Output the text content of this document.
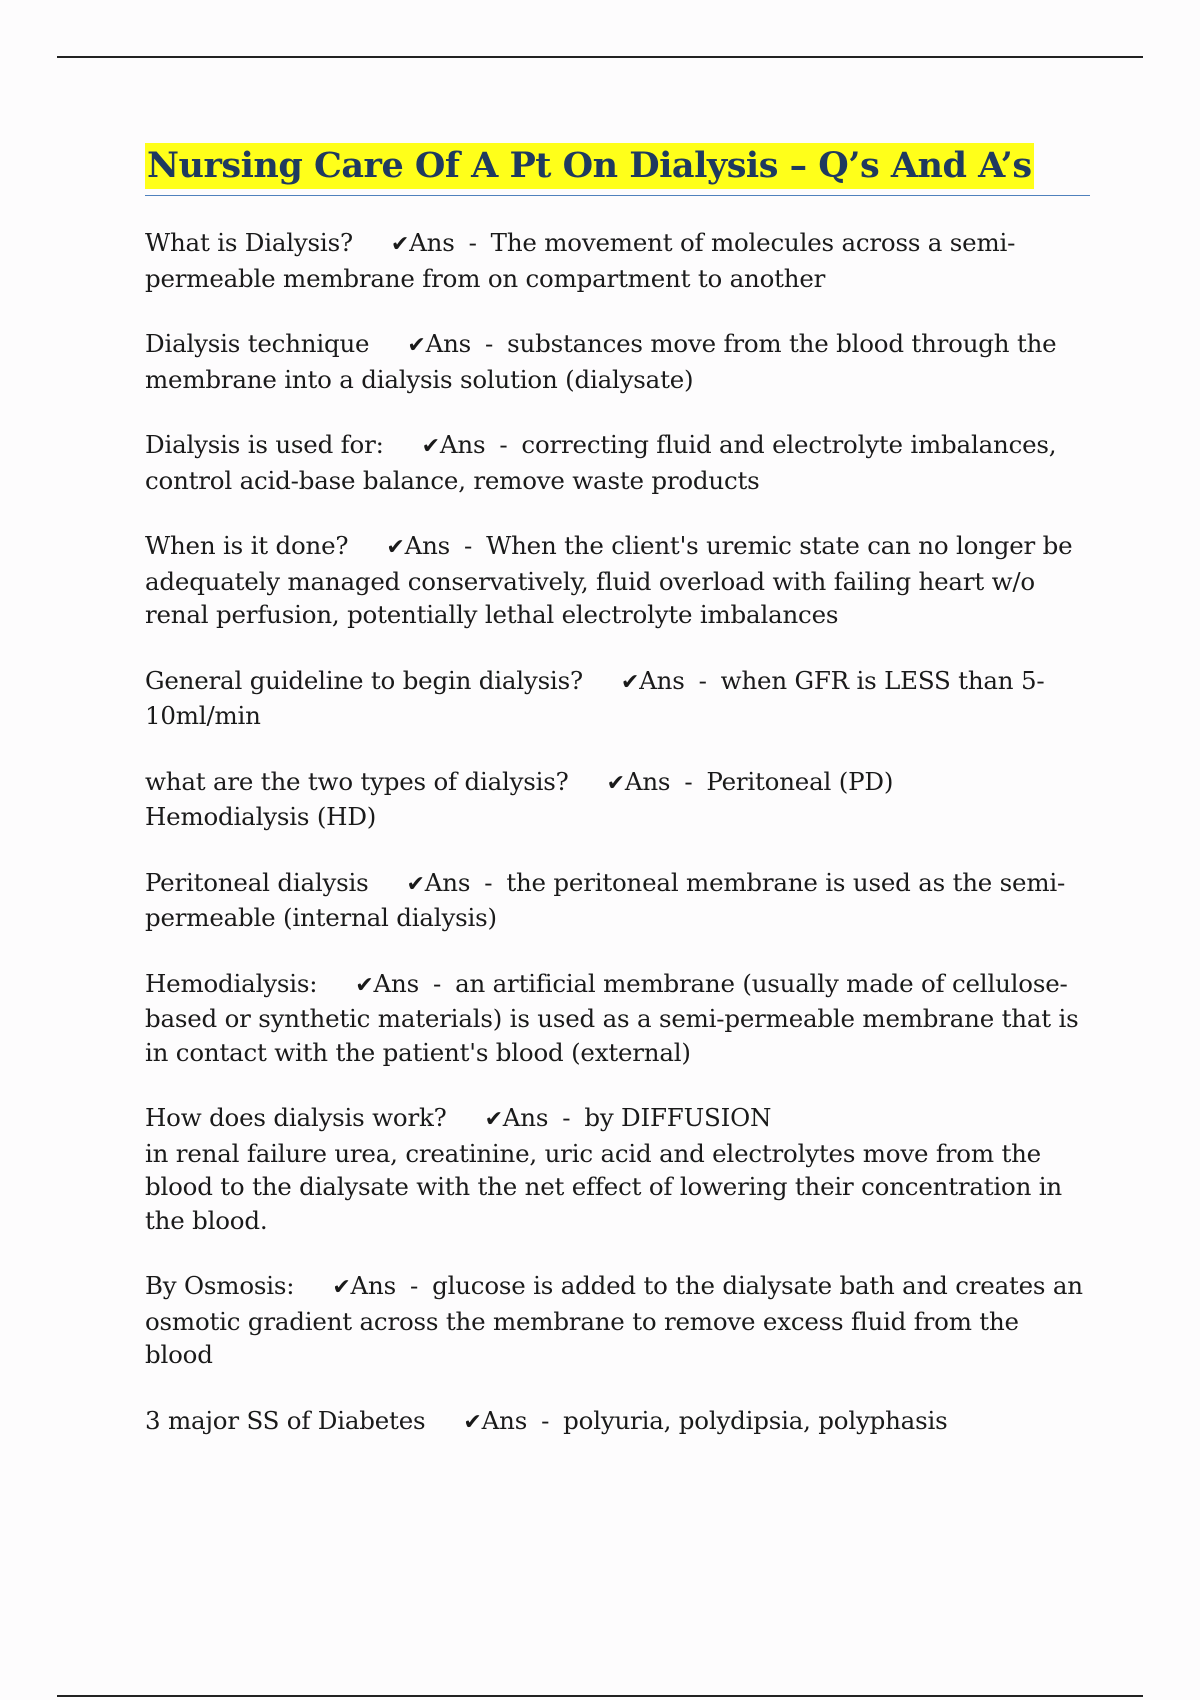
Nursing Care Of A Pt On Dialysis – Q’s And A’s
What is Dialysis? ✔Ans - The movement of molecules across a semi-permeable membrane from on compartment to another
Dialysis technique ✔Ans - substances move from the blood through the membrane into a dialysis solution (dialysate)
Dialysis is used for: ✔Ans - correcting fluid and electrolyte imbalances, control acid-base balance, remove waste products
When is it done? ✔Ans - When the client's uremic state can no longer be adequately managed conservatively, fluid overload with failing heart w/o renal perfusion, potentially lethal electrolyte imbalances
General guideline to begin dialysis? ✔Ans - when GFR is LESS than 5-10ml/min
what are the two types of dialysis? ✔Ans - Peritoneal (PD)
Hemodialysis (HD)
Peritoneal dialysis ✔Ans - the peritoneal membrane is used as the semi-permeable (internal dialysis)
Hemodialysis: ✔Ans - an artificial membrane (usually made of cellulose-based or synthetic materials) is used as a semi-permeable membrane that is in contact with the patient's blood (external)
How does dialysis work? ✔Ans - by DIFFUSION
in renal failure urea, creatinine, uric acid and electrolytes move from the blood to the dialysate with the net effect of lowering their concentration in the blood.
By Osmosis: ✔Ans - glucose is added to the dialysate bath and creates an osmotic gradient across the membrane to remove excess fluid from the blood
3 major SS of Diabetes ✔Ans - polyuria, polydipsia, polyphasis
